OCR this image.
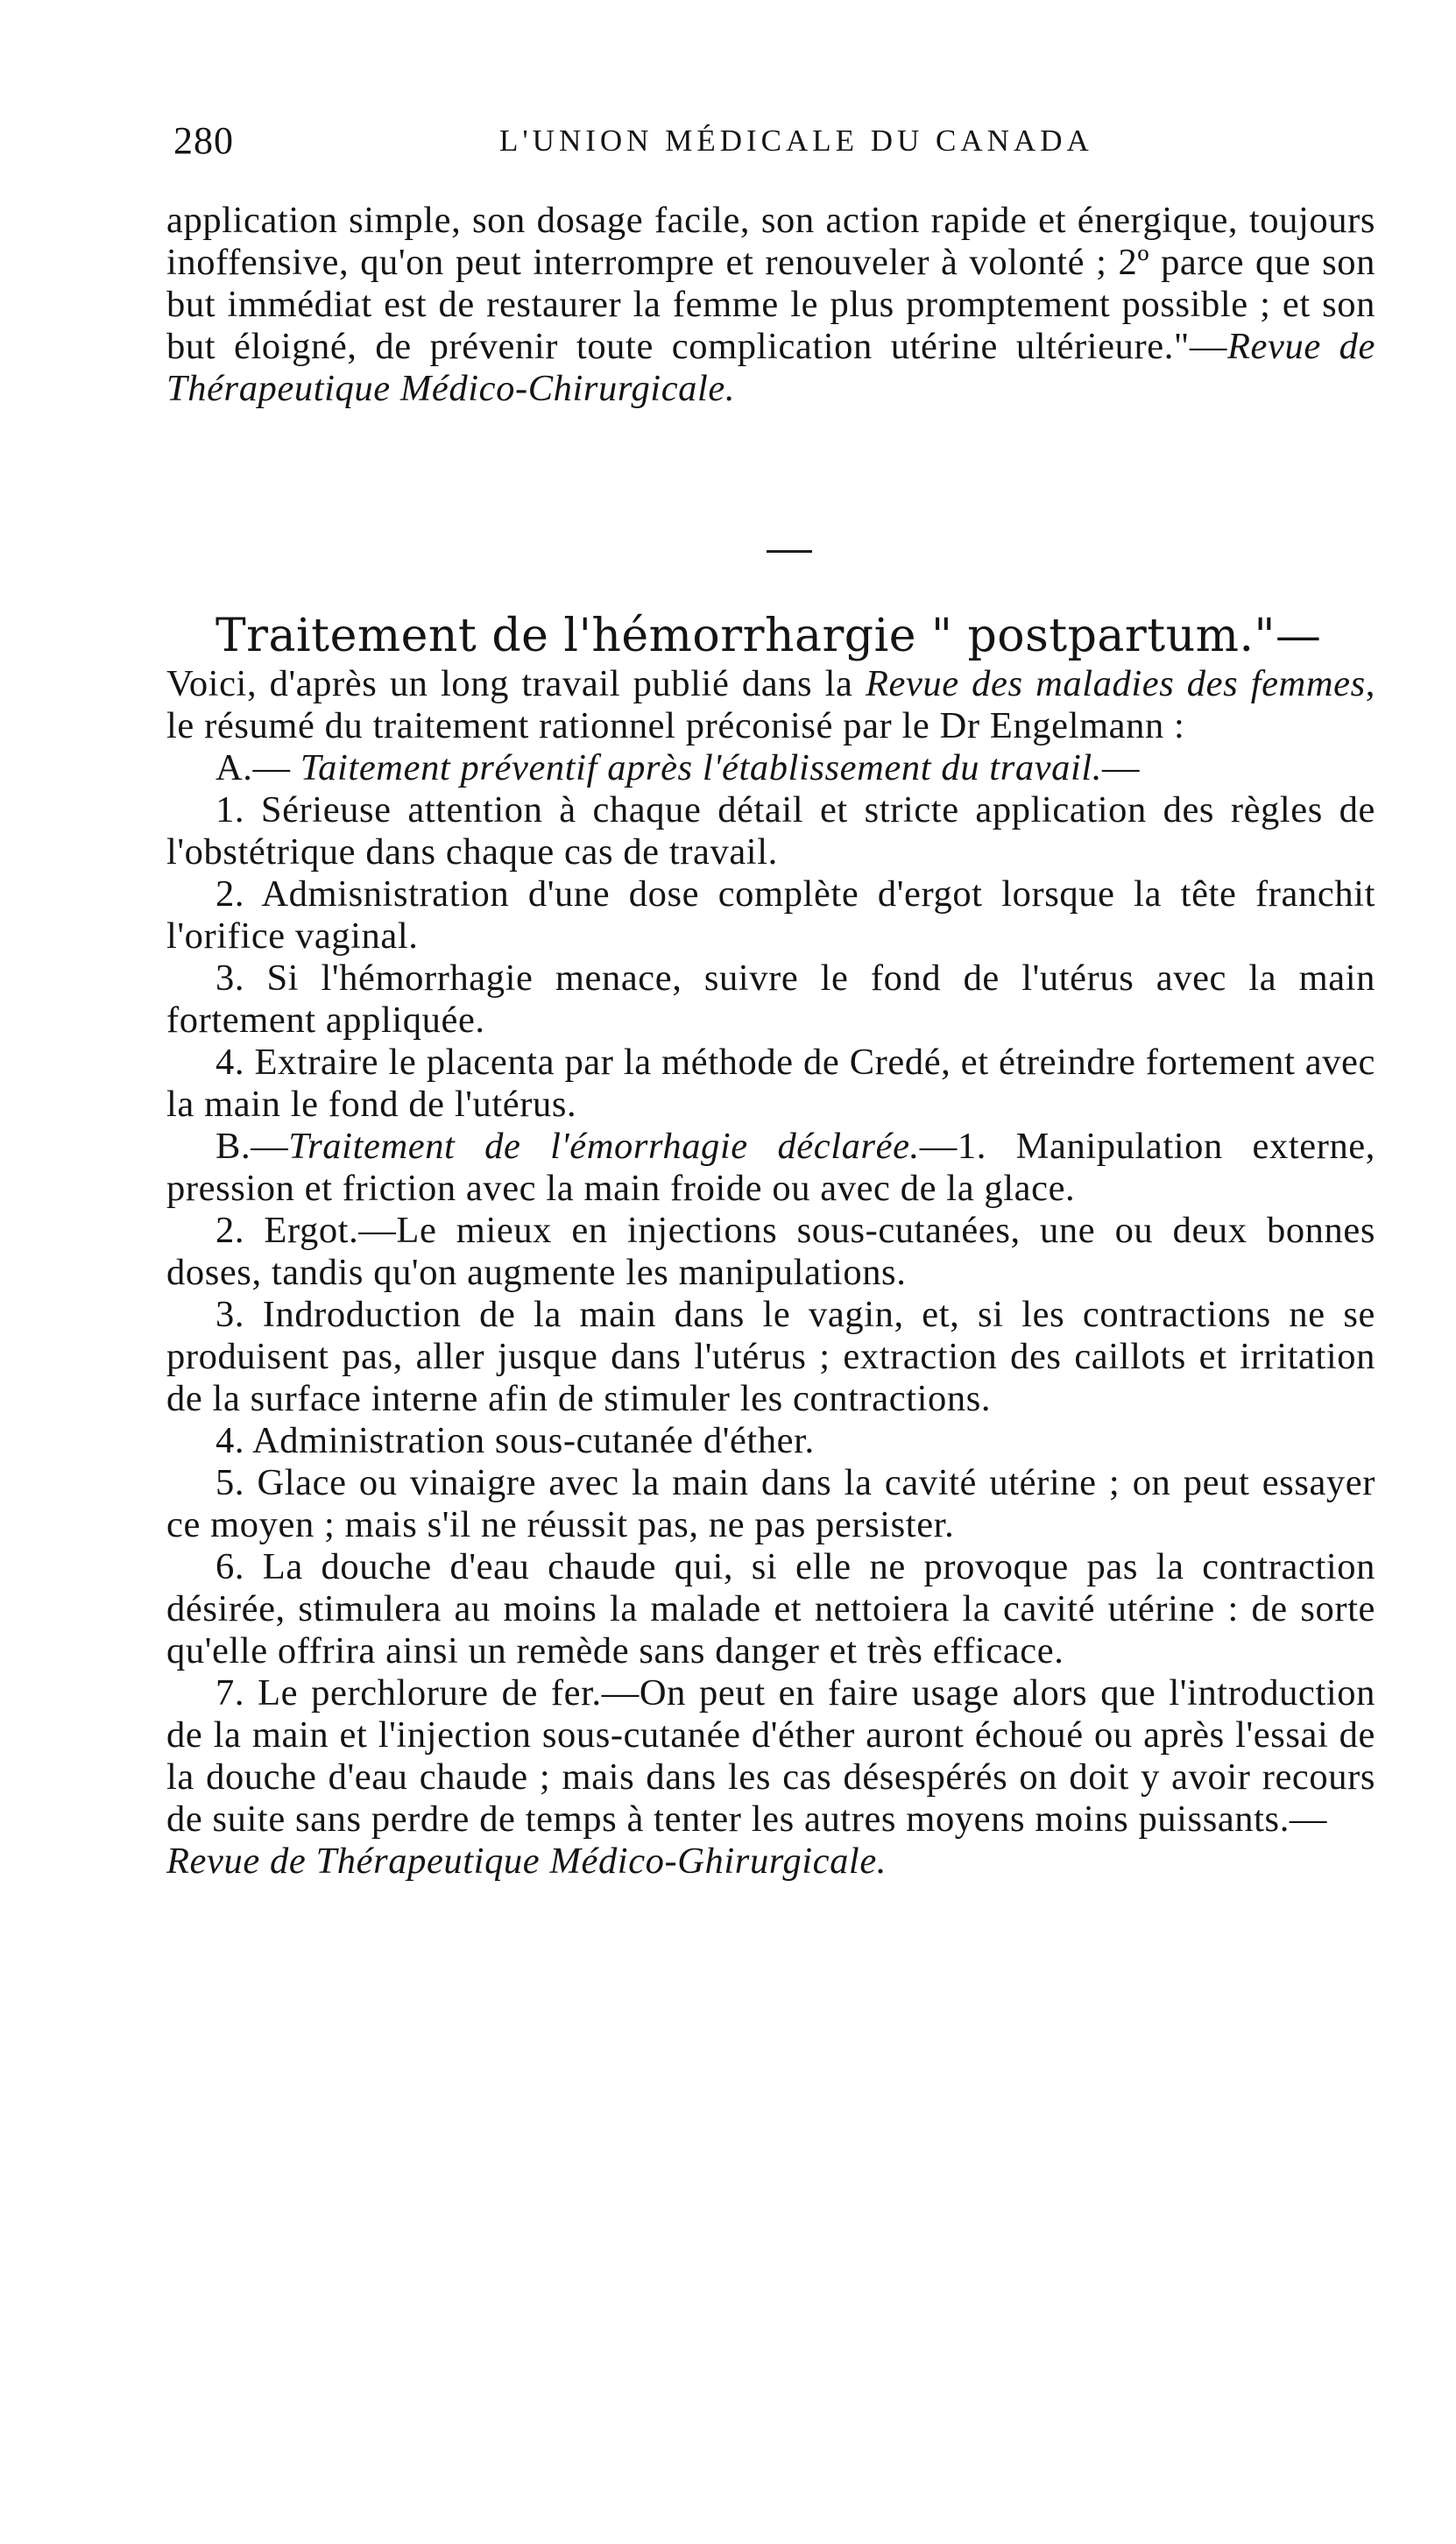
280	L'UNION MÉDICALE DU CANADA
application simple, son dosage facile, son action rapide et énergique, toujours inoffensive, qu'on peut interrompre et renouveler à volonté ; 2º parce que son but immédiat est de restaurer la femme le plus promptement possible ; et son but éloigné, de prévenir toute complication utérine ultérieure."—Revue de Thérapeutique Médico-Chirurgicale.
Traitement de l'hémorrhargie " postpartum."—

Voici, d'après un long travail publié dans la Revue des maladies des femmes, le résumé du traitement rationnel préconisé par le Dr Engelmann :

A.— Taitement préventif après l'établissement du travail.—

1. Sérieuse attention à chaque détail et stricte application des règles de l'obstétrique dans chaque cas de travail.

2. Admisnistration d'une dose complète d'ergot lorsque la tête franchit l'orifice vaginal.

3. Si l'hémorrhagie menace, suivre le fond de l'utérus avec la main fortement appliquée.

4. Extraire le placenta par la méthode de Credé, et étreindre fortement avec la main le fond de l'utérus.

B.—Traitement de l'émorrhagie déclarée.—1. Manipulation externe, pression et friction avec la main froide ou avec de la glace.

2. Ergot.—Le mieux en injections sous-cutanées, une ou deux bonnes doses, tandis qu'on augmente les manipulations.

3. Indroduction de la main dans le vagin, et, si les contractions ne se produisent pas, aller jusque dans l'utérus ; extraction des caillots et irritation de la surface interne afin de stimuler les contractions.

4. Administration sous-cutanée d'éther.

5. Glace ou vinaigre avec la main dans la cavité utérine ; on peut essayer ce moyen ; mais s'il ne réussit pas, ne pas persister.

6. La douche d'eau chaude qui, si elle ne provoque pas la contraction désirée, stimulera au moins la malade et nettoiera la cavité utérine : de sorte qu'elle offrira ainsi un remède sans danger et très efficace.

7. Le perchlorure de fer.—On peut en faire usage alors que l'introduction de la main et l'injection sous-cutanée d'éther auront échoué ou après l'essai de la douche d'eau chaude ; mais dans les cas désespérés on doit y avoir recours de suite sans perdre de temps à tenter les autres moyens moins puissants.—

Revue de Thérapeutique Médico-Ghirurgicale.
